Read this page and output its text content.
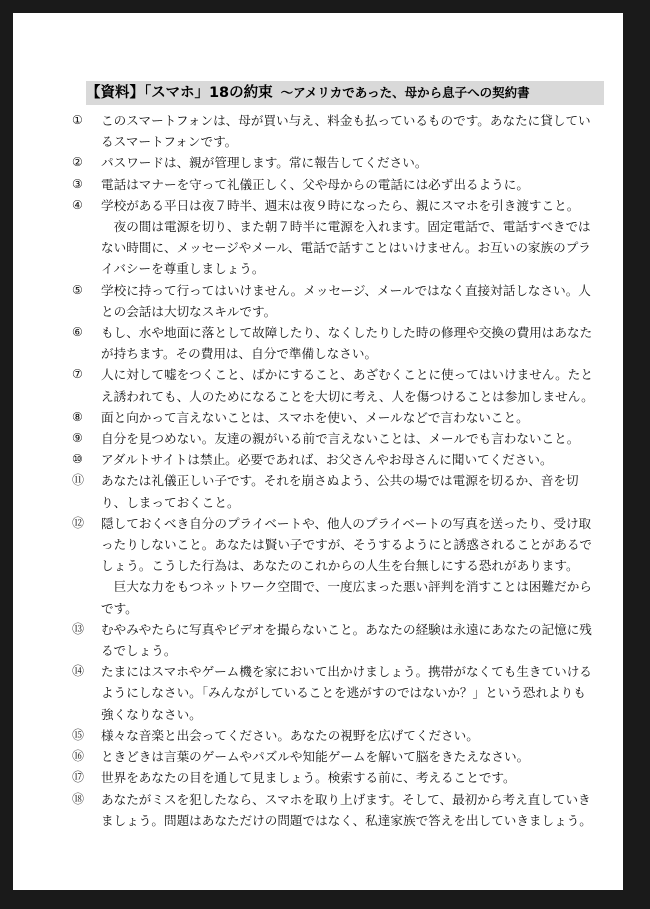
【資料】「スマホ」18の約束 ～アメリカであった、母から息子への契約書
①	このスマートフォンは、母が買い与え、料金も払っているものです。あなたに貸しているスマートフォンです。
②	パスワードは、親が管理します。常に報告してください。
③	電話はマナーを守って礼儀正しく、父や母からの電話には必ず出るように。
④	学校がある平日は夜７時半、週末は夜９時になったら、親にスマホを引き渡すこと。
夜の間は電源を切り、また朝７時半に電源を入れます。固定電話で、電話すべきではない時間に、メッセージやメール、電話で話すことはいけません。お互いの家族のプライバシーを尊重しましょう。
⑤	学校に持って行ってはいけません。メッセージ、メールではなく直接対話しなさい。人との会話は大切なスキルです。
⑥	もし、水や地面に落として故障したり、なくしたりした時の修理や交換の費用はあなたが持ちます。その費用は、自分で準備しなさい。
⑦	人に対して嘘をつくこと、ばかにすること、あざむくことに使ってはいけません。たとえ誘われても、人のためになることを大切に考え、人を傷つけることは参加しません。
⑧	面と向かって言えないことは、スマホを使い、メールなどで言わないこと。
⑨	自分を見つめない。友達の親がいる前で言えないことは、メールでも言わないこと。
⑩	アダルトサイトは禁止。必要であれば、お父さんやお母さんに聞いてください。
⑪	あなたは礼儀正しい子です。それを崩さぬよう、公共の場では電源を切るか、音を切り、しまっておくこと。
⑫	隠しておくべき自分のプライベートや、他人のプライベートの写真を送ったり、受け取ったりしないこと。あなたは賢い子ですが、そうするようにと誘惑されることがあるでしょう。こうした行為は、あなたのこれからの人生を台無しにする恐れがあります。
巨大な力をもつネットワーク空間で、一度広まった悪い評判を消すことは困難だからです。
⑬	むやみやたらに写真やビデオを撮らないこと。あなたの経験は永遠にあなたの記憶に残るでしょう。
⑭	たまにはスマホやゲーム機を家において出かけましょう。携帯がなくても生きていけるようにしなさい。「みんながしていることを逃がすのではないか？」という恐れよりも強くなりなさい。
⑮	様々な音楽と出会ってください。あなたの視野を広げてください。
⑯	ときどきは言葉のゲームやパズルや知能ゲームを解いて脳をきたえなさい。
⑰	世界をあなたの目を通して見ましょう。検索する前に、考えることです。
⑱	あなたがミスを犯したなら、スマホを取り上げます。そして、最初から考え直していきましょう。問題はあなただけの問題ではなく、私達家族で答えを出していきましょう。
